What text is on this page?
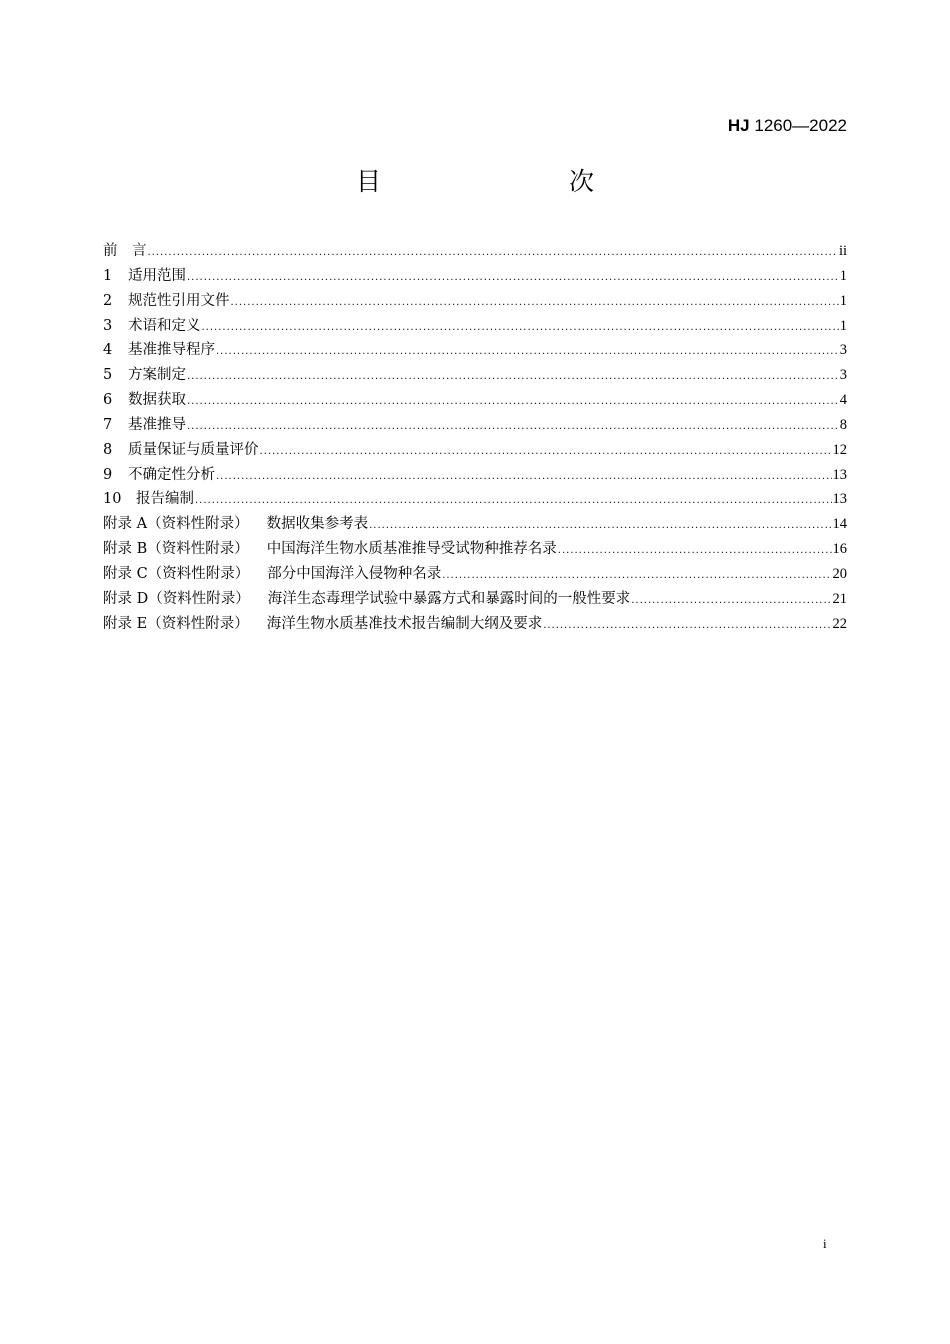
HJ 1260—2022
目　　次
前　言 .....	ii
1 适用范围 .....	1
2 规范性引用文件 .....	1
3 术语和定义 .....	1
4 基准推导程序 .....	3
5 方案制定 .....	3
6 数据获取 .....	4
7 基准推导 .....	8
8 质量保证与质量评价 .....	12
9 不确定性分析 .....	13
10 报告编制 .....	13
附录 A（资料性附录） 数据收集参考表 .....	14
附录 B（资料性附录） 中国海洋生物水质基准推导受试物种推荐名录 .....	16
附录 C（资料性附录） 部分中国海洋入侵物种名录 .....	20
附录 D（资料性附录） 海洋生态毒理学试验中暴露方式和暴露时间的一般性要求 .....	21
附录 E（资料性附录） 海洋生物水质基准技术报告编制大纲及要求 .....	22
i
